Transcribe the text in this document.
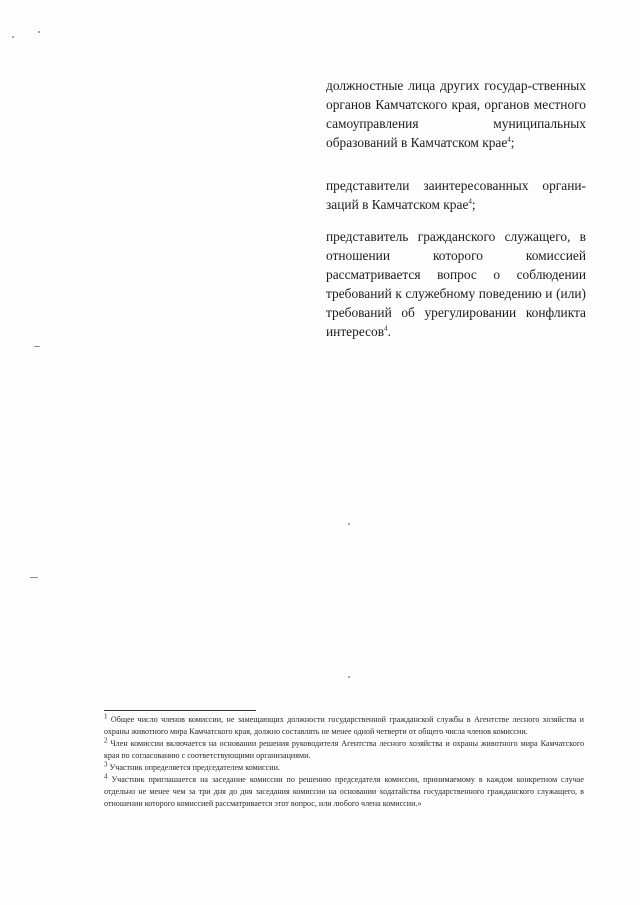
должностные лица других государ-ственных органов Камчатского края, органов местного самоуправления муниципальных образований в Камчатском крае$^4$;

представители заинтересованных органи-заций в Камчатском крае$^4$;

представитель гражданского служащего, в отношении которого комиссией рассматривается вопрос о соблюдении требований к служебному поведению и (или) требований об урегулировании конфликта интересов$^4$.

$^1$ Общее число членов комиссии, не замещающих должности государственной гражданской службы в Агентстве лесного хозяйства и охраны животного мира Камчатского края, должно составлять не менее одной четверти от общего числа членов комиссии.

$^2$ Член комиссии включается на основании решения руководителя Агентства лесного хозяйства и охраны животного мира Камчатского края по согласованию с соответствующими организациями.

$^3$ Участник определяется председателем комиссии.

$^4$ Участник приглашается на заседание комиссии по решению председателя комиссии, принимаемому в каждом конкретном случае отдельно не менее чем за три дня до дня заседания комиссии на основании ходатайства государственного гражданского служащего, в отношении которого комиссией рассматривается этот вопрос, или любого члена комиссии.»
